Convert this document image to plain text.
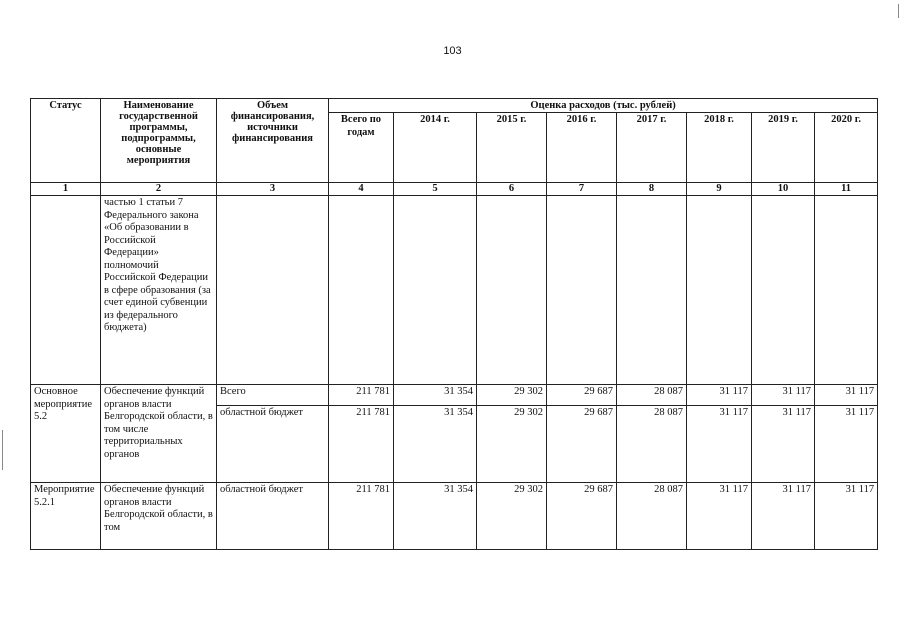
103
Статус	Наименование государственной программы, подпрограммы, основные мероприятия	Объем финансирования, источники финансирования	Оценка расходов (тыс. рублей)							
			Всего по годам	2014 г.	2015 г.	2016 г.	2017 г.	2018 г.	2019 г.	2020 г.
1	2	3	4	5	6	7	8	9	10	11
	частью 1 статьи 7 Федерального закона «Об образовании в Российской Федерации» полномочий Российской Федерации в сфере образования (за счет единой субвенции из федерального бюджета)									
Основное мероприятие 5.2	Обеспечение функций органов власти Белгородской области, в том числе территориальных органов	Всего	211 781	31 354	29 302	29 687	28 087	31 117	31 117	31 117
		областной бюджет	211 781	31 354	29 302	29 687	28 087	31 117	31 117	31 117
Мероприятие 5.2.1	Обеспечение функций органов власти Белгородской области, в том	областной бюджет	211 781	31 354	29 302	29 687	28 087	31 117	31 117	31 117
